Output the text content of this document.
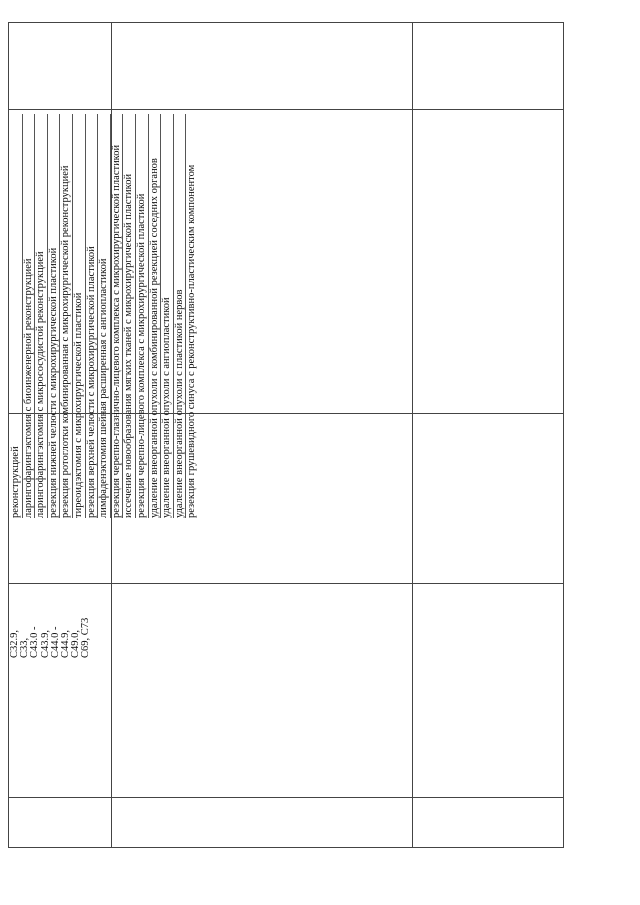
реконструкцией ларингофарингэктомия с биоинженерной реконструкцией ларингофарингэктомия с микрососудистой реконструкцией резекция нижней челюсти с микрохирургической пластикой резекция ротоглотки комбинированная с микрохирургической реконструкцией тиреоидэктомия с микрохирургической пластикой резекция верхней челюсти с микрохирургической пластикой лимфаденэктомия шейная расширенная с ангиопластикой резекция черепно-глазнично-лицевого комплекса с микрохирургической пластикой иссечение новообразования мягких тканей с микрохирургической пластикой резекция черепно-лицевого комплекса с микрохирургической пластикой удаление внеорганной опухоли с комбинированной резекцией соседних органов удаление внеорганной опухоли с ангиопластикой удаление внеорганной опухоли с пластикой нервов резекция грушевидного синуса с реконструктивно-пластическим компонентом
C32.9, C33, C43.0 - C43.9, C44.0 - C44.9, C49.0, C69, C73
